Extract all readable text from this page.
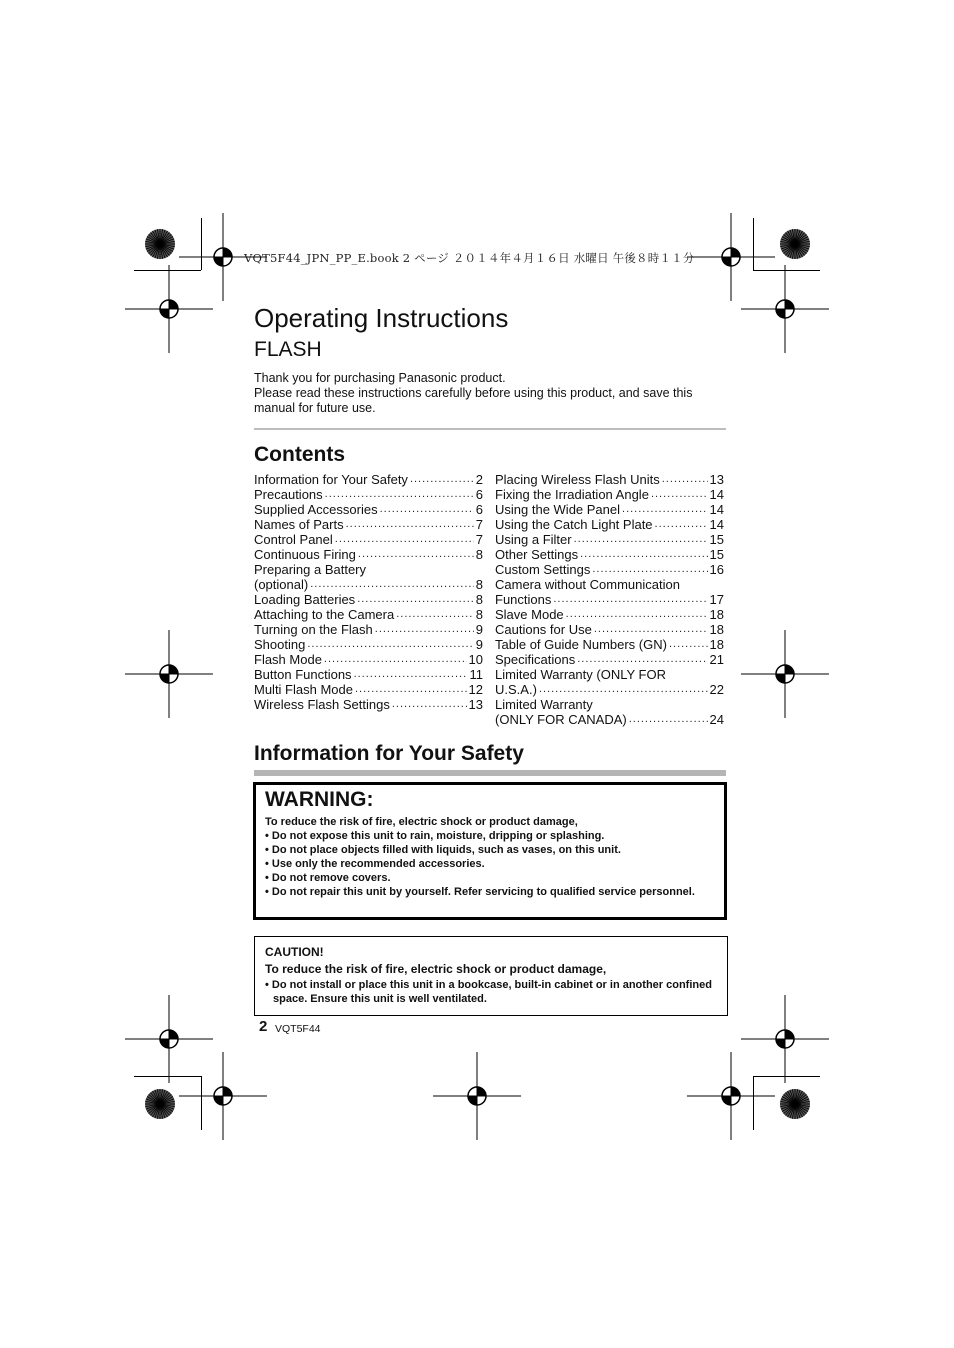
VQT5F44_JPN_PP_E.book 2 ページ ２０１４年４月１６日 水曜日 午後８時１１分
Operating Instructions
FLASH
Thank you for purchasing Panasonic product.
Please read these instructions carefully before using this product, and save this manual for future use.
Contents
Information for Your Safety .....	2
Precautions .....	6
Supplied Accessories .....	6
Names of Parts .....	7
Control Panel .....	7
Continuous Firing .....	8
Preparing a Battery
(optional) .....	8
Loading Batteries .....	8
Attaching to the Camera .....	8
Turning on the Flash .....	9
Shooting .....	9
Flash Mode .....	10
Button Functions .....	11
Multi Flash Mode .....	12
Wireless Flash Settings .....	13
Placing Wireless Flash Units .....	13
Fixing the Irradiation Angle .....	14
Using the Wide Panel .....	14
Using the Catch Light Plate .....	14
Using a Filter .....	15
Other Settings .....	15
Custom Settings .....	16
Camera without Communication
Functions .....	17
Slave Mode .....	18
Cautions for Use .....	18
Table of Guide Numbers (GN) .....	18
Specifications .....	21
Limited Warranty (ONLY FOR
U.S.A.) .....	22
Limited Warranty
(ONLY FOR CANADA) .....	24
Information for Your Safety
WARNING:
To reduce the risk of fire, electric shock or product damage,
• Do not expose this unit to rain, moisture, dripping or splashing.
• Do not place objects filled with liquids, such as vases, on this unit.
• Use only the recommended accessories.
• Do not remove covers.
• Do not repair this unit by yourself. Refer servicing to qualified service personnel.
CAUTION!
To reduce the risk of fire, electric shock or product damage,
• Do not install or place this unit in a bookcase, built-in cabinet or in another confined space. Ensure this unit is well ventilated.
2 VQT5F44
